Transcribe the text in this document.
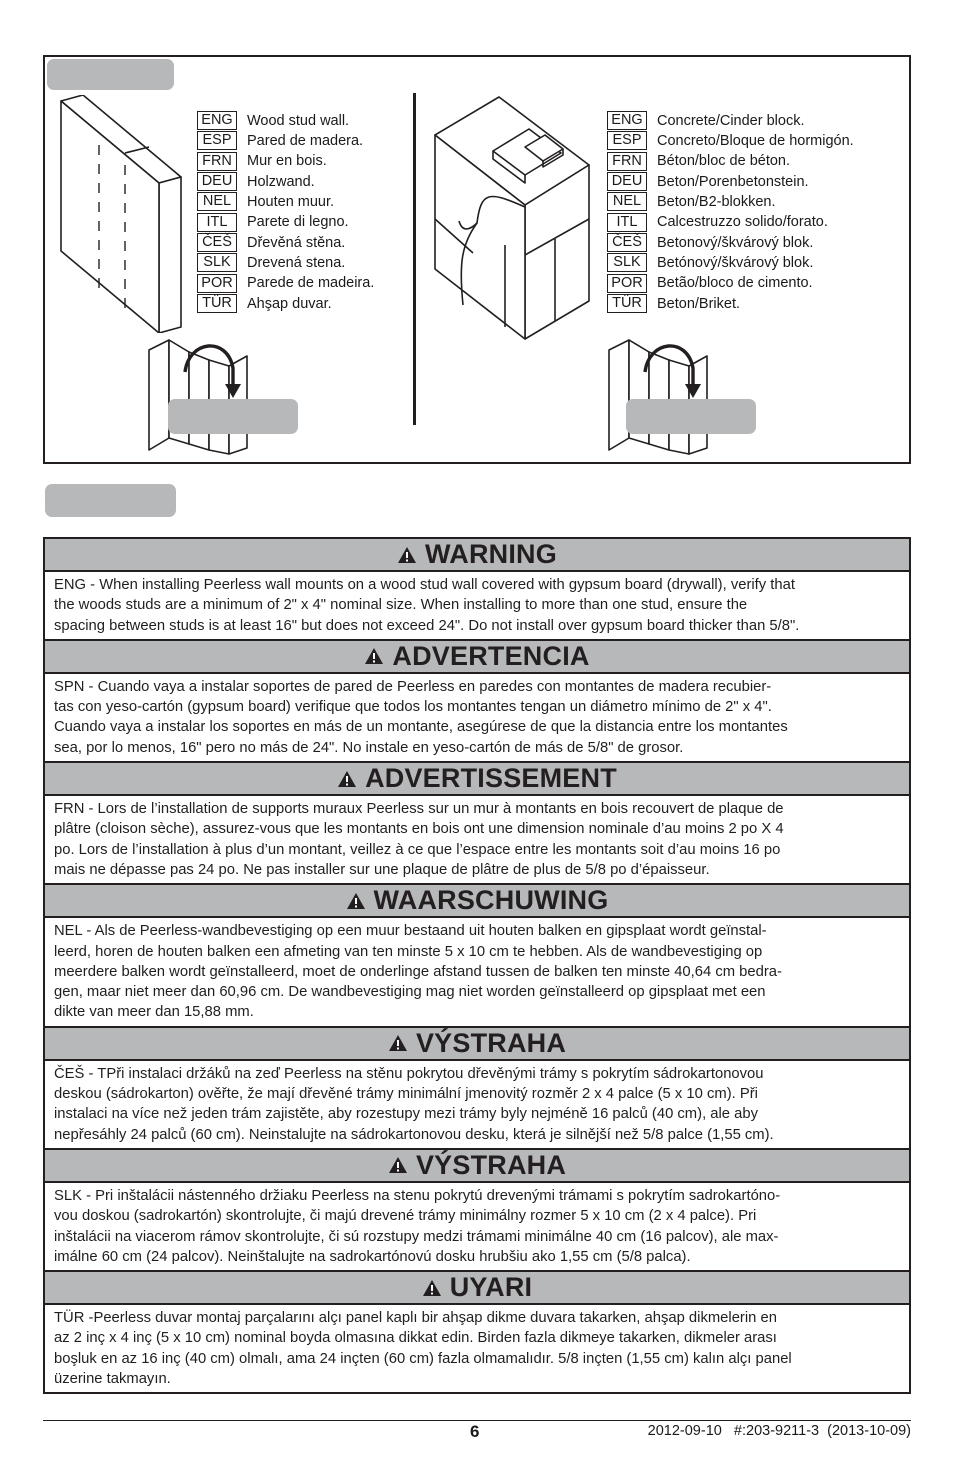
ENG Wood stud wall.
ESP	Pared de madera.
FRN	Mur en bois.
DEU	Holzwand.
NEL	Houten muur.
ITL	Parete di legno.
ČEŠ	Dřevěná stěna.
SLK	Drevená stena.
POR Parede de madeira.
TÜR	Ahşap duvar.
ENG Concrete/Cinder block.
ESP	Concreto/Bloque de hormigón.
FRN	Béton/bloc de béton.
DEU	Beton/Porenbetonstein.
NEL	Beton/B2-blokken.
ITL	Calcestruzzo solido/forato.
ČEŠ	Betonový/škvárový blok.
SLK	Betónový/škvárový blok.
POR Betão/bloco de cimento.
TÜR	Beton/Briket.
WARNING

ENG - When installing Peerless wall mounts on a wood stud wall covered with gypsum board (drywall), verify that

the woods studs are a minimum of 2" x 4" nominal size. When installing to more than one stud, ensure the

spacing between studs is at least 16" but does not exceed 24". Do not install over gypsum board thicker than 5/8".

ADVERTENCIA

SPN - Cuando vaya a instalar soportes de pared de Peerless en paredes con montantes de madera recubier-

tas con yeso-cartón (gypsum board) verifique que todos los montantes tengan un diámetro mínimo de 2" x 4".

Cuando vaya a instalar los soportes en más de un montante, asegúrese de que la distancia entre los montantes

sea, por lo menos, 16" pero no más de 24". No instale en yeso-cartón de más de 5/8" de grosor.

ADVERTISSEMENT

FRN - Lors de l’installation de supports muraux Peerless sur un mur à montants en bois recouvert de plaque de

plâtre (cloison sèche), assurez-vous que les montants en bois ont une dimension nominale d’au moins 2 po X 4

po. Lors de l’installation à plus d’un montant, veillez à ce que l’espace entre les montants soit d’au moins 16 po

mais ne dépasse pas 24 po. Ne pas installer sur une plaque de plâtre de plus de 5/8 po d’épaisseur.

WAARSCHUWING

NEL - Als de Peerless-wandbevestiging op een muur bestaand uit houten balken en gipsplaat wordt geïnstal-

leerd, horen de houten balken een afmeting van ten minste 5 x 10 cm te hebben. Als de wandbevestiging op

meerdere balken wordt geïnstalleerd, moet de onderlinge afstand tussen de balken ten minste 40,64 cm bedra-

gen, maar niet meer dan 60,96 cm. De wandbevestiging mag niet worden geïnstalleerd op gipsplaat met een

dikte van meer dan 15,88 mm.

VÝSTRAHA

ČEŠ - TPři instalaci držáků na zeď Peerless na stěnu pokrytou dřevěnými trámy s pokrytím sádrokartonovou

deskou (sádrokarton) ověřte, že mají dřevěné trámy minimální jmenovitý rozměr 2 x 4 palce (5 x 10 cm). Při

instalaci na více než jeden trám zajistěte, aby rozestupy mezi trámy byly nejméně 16 palců (40 cm), ale aby

nepřesáhly 24 palců (60 cm). Neinstalujte na sádrokartonovou desku, která je silnější než 5/8 palce (1,55 cm).

VÝSTRAHA

SLK - Pri inštalácii nástenného držiaku Peerless na stenu pokrytú drevenými trámami s pokrytím sadrokartóno-

vou doskou (sadrokartón) skontrolujte, či majú drevené trámy minimálny rozmer 5 x 10 cm (2 x 4 palce). Pri

inštalácii na viacerom rámov skontrolujte, či sú rozstupy medzi trámami minimálne 40 cm (16 palcov), ale max-

imálne 60 cm (24 palcov). Neinštalujte na sadrokartónovú dosku hrubšiu ako 1,55 cm (5/8 palca).

UYARI

TÜR -Peerless duvar montaj parçalarını alçı panel kaplı bir ahşap dikme duvara takarken, ahşap dikmelerin en

az 2 inç x 4 inç (5 x 10 cm) nominal boyda olmasına dikkat edin. Birden fazla dikmeye takarken, dikmeler arası

boşluk en az 16 inç (40 cm) olmalı, ama 24 inçten (60 cm) fazla olmamalıdır. 5/8 inçten (1,55 cm) kalın alçı panel

üzerine takmayın.

6	2012-09-10   #:203-9211-3  (2013-10-09)
